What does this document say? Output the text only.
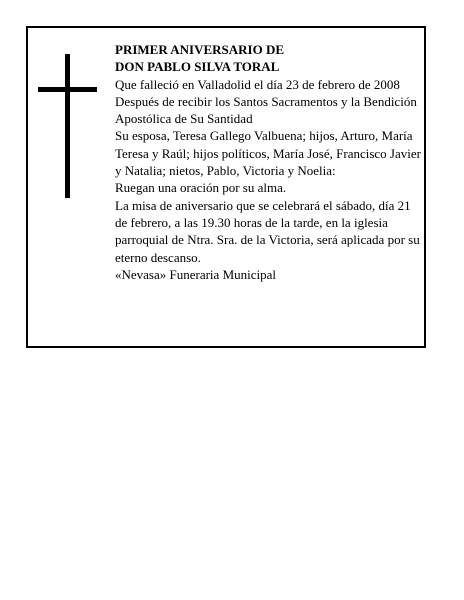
PRIMER ANIVERSARIO DE
DON PABLO SILVA TORAL
Que falleció en Valladolid el día 23 de febrero de 2008
Después de recibir los Santos Sacramentos y la Bendición Apostólica de Su Santidad
Su esposa, Teresa Gallego Valbuena; hijos, Arturo, María Teresa y Raúl; hijos políticos, María José, Francisco Javier y Natalia; nietos, Pablo, Victoria y Noelia:
Ruegan una oración por su alma.
La misa de aniversario que se celebrará el sábado, día 21 de febrero, a las 19.30 horas de la tarde, en la iglesia parroquial de Ntra. Sra. de la Victoria, será aplicada por su eterno descanso.
«Nevasa» Funeraria Municipal
